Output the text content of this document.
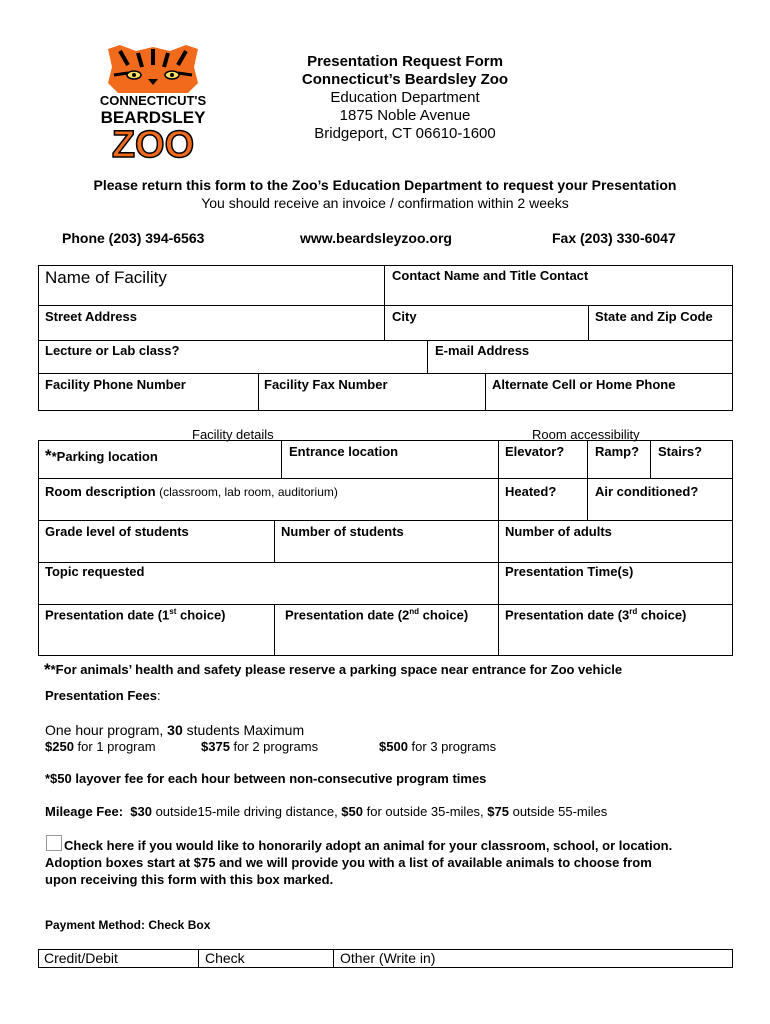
CONNECTICUT'S
BEARDSLEY
ZOO
Presentation Request Form
Connecticut’s Beardsley Zoo
Education Department
1875 Noble Avenue
Bridgeport, CT 06610-1600
Please return this form to the Zoo’s Education Department to request your Presentation
You should receive an invoice / confirmation within 2 weeks
Phone (203) 394-6563	www.beardsleyzoo.org	Fax (203) 330-6047
Name of Facility	Contact Name and Title Contact
Street Address	City	State and Zip Code
Lecture or Lab class?	E-mail Address
Facility Phone Number	Facility Fax Number	Alternate Cell or Home Phone
Facility details	Room accessibility
**Parking location	Entrance location	Elevator? Ramp? Stairs?
Room description (classroom, lab room, auditorium)	Heated?	Air conditioned?
Grade level of students	Number of students	Number of adults
Topic requested	Presentation Time(s)
Presentation date (1st choice)	Presentation date (2nd choice)	Presentation date (3rd choice)
**For animals’ health and safety please reserve a parking space near entrance for Zoo vehicle
Presentation Fees:
One hour program, 30 students Maximum
$250 for 1 program	$375 for 2 programs	$500 for 3 programs
*$50 layover fee for each hour between non-consecutive program times
Mileage Fee: $30 outside15-mile driving distance, $50 for outside 35-miles, $75 outside 55-miles
Check here if you would like to honorarily adopt an animal for your classroom, school, or location.
Adoption boxes start at $75 and we will provide you with a list of available animals to choose from
upon receiving this form with this box marked.
Payment Method: Check Box
Credit/Debit	Check	Other (Write in)
